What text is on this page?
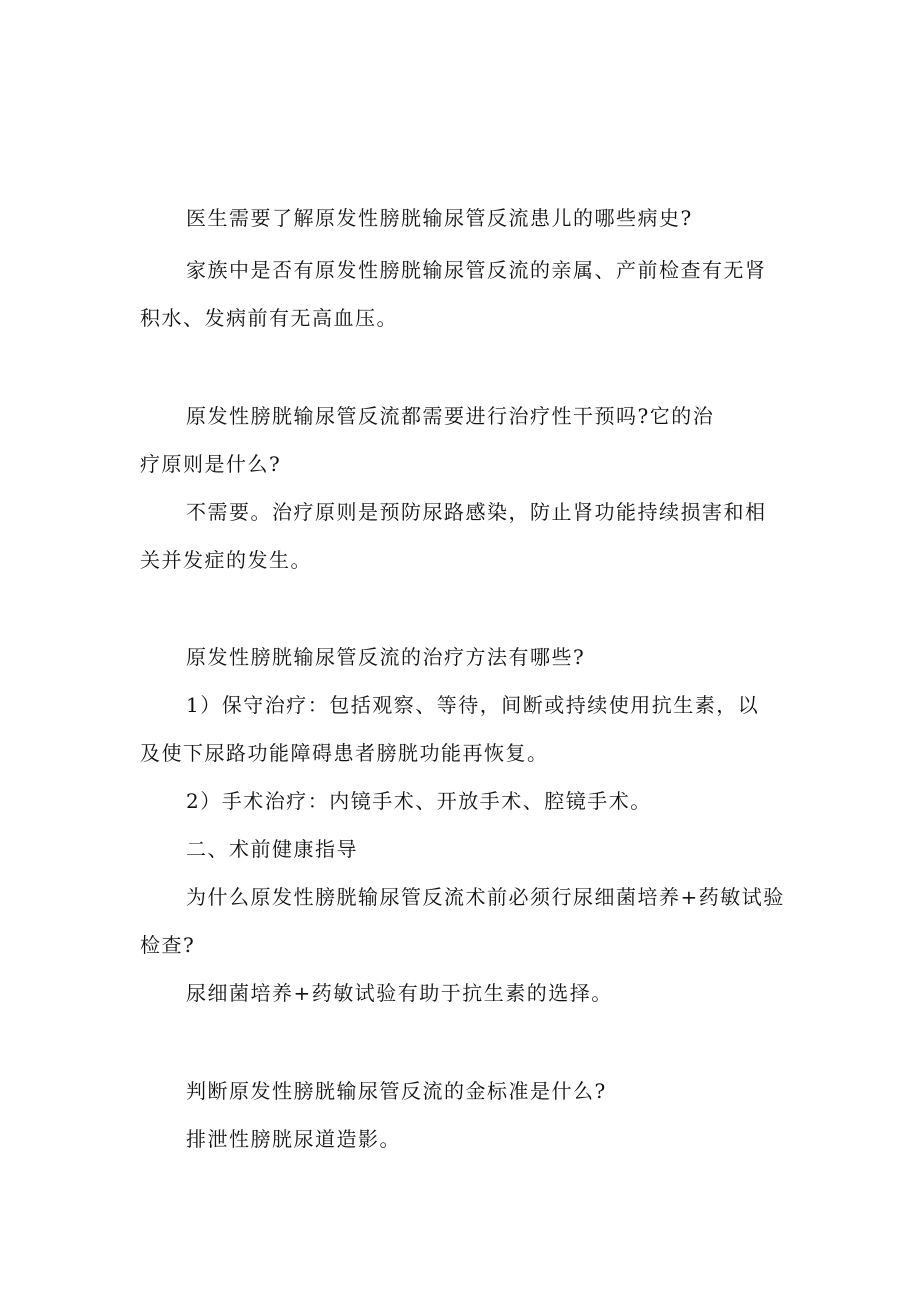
医生需要了解原发性膀胱输尿管反流患儿的哪些病史?
家族中是否有原发性膀胱输尿管反流的亲属、产前检查有无肾
积水、发病前有无高血压。
原发性膀胱输尿管反流都需要进行治疗性干预吗?它的治
疗原则是什么?
不需要。治疗原则是预防尿路感染，防止肾功能持续损害和相
关并发症的发生。
原发性膀胱输尿管反流的治疗方法有哪些?
1）保守治疗：包括观察、等待，间断或持续使用抗生素，以
及使下尿路功能障碍患者膀胱功能再恢复。
2）手术治疗：内镜手术、开放手术、腔镜手术。
二、术前健康指导
为什么原发性膀胱输尿管反流术前必须行尿细菌培养+药敏试验
检查?
尿细菌培养+药敏试验有助于抗生素的选择。
判断原发性膀胱输尿管反流的金标准是什么?
排泄性膀胱尿道造影。
